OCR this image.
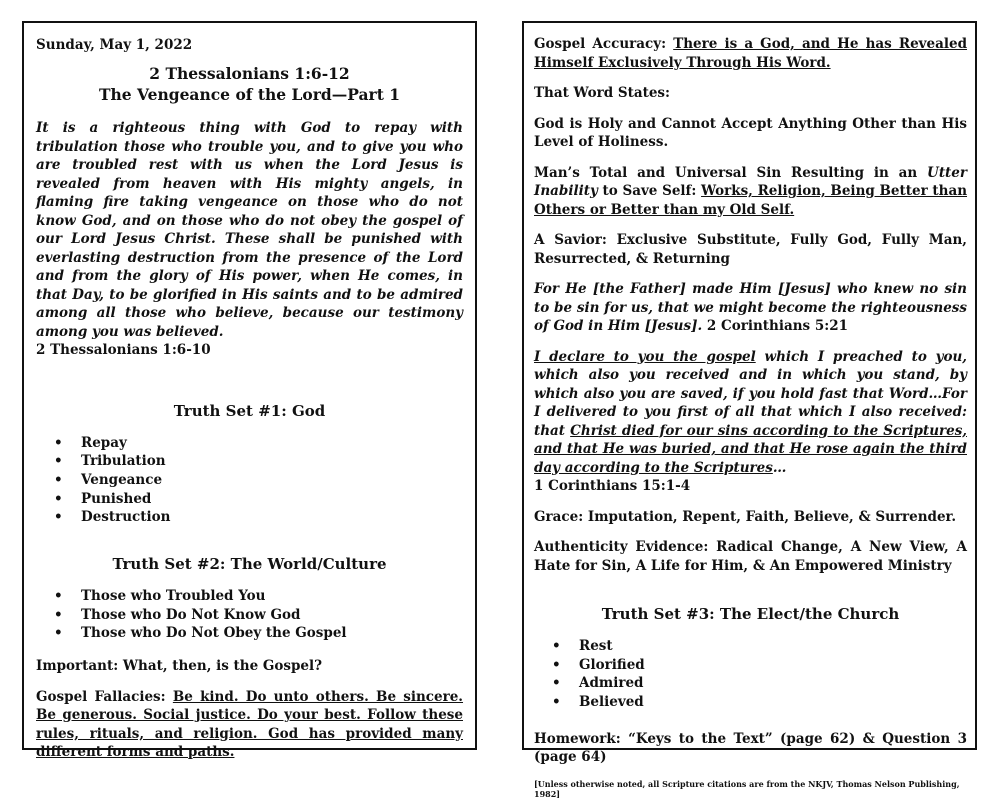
Sunday, May 1, 2022
2 Thessalonians 1:6-12
The Vengeance of the Lord—Part 1
It is a righteous thing with God to repay with tribulation those who trouble you, and to give you who are troubled rest with us when the Lord Jesus is revealed from heaven with His mighty angels, in flaming fire taking vengeance on those who do not know God, and on those who do not obey the gospel of our Lord Jesus Christ. These shall be punished with everlasting destruction from the presence of the Lord and from the glory of His power, when He comes, in that Day, to be glorified in His saints and to be admired among all those who believe, because our testimony among you was believed.
2 Thessalonians 1:6-10
Truth Set #1: God
• Repay
• Tribulation
• Vengeance
• Punished
• Destruction
Truth Set #2: The World/Culture
• Those who Troubled You
• Those who Do Not Know God
• Those who Do Not Obey the Gospel
Important: What, then, is the Gospel?
Gospel Fallacies: Be kind. Do unto others. Be sincere. Be generous. Social justice. Do your best. Follow these rules, rituals, and religion. God has provided many different forms and paths.
Gospel Accuracy: There is a God, and He has Revealed Himself Exclusively Through His Word.
That Word States:
God is Holy and Cannot Accept Anything Other than His Level of Holiness.
Man’s Total and Universal Sin Resulting in an Utter Inability to Save Self: Works, Religion, Being Better than Others or Better than my Old Self.
A Savior: Exclusive Substitute, Fully God, Fully Man, Resurrected, & Returning
For He [the Father] made Him [Jesus] who knew no sin to be sin for us, that we might become the righteousness of God in Him [Jesus]. 2 Corinthians 5:21
I declare to you the gospel which I preached to you, which also you received and in which you stand, by which also you are saved, if you hold fast that Word…For I delivered to you first of all that which I also received: that Christ died for our sins according to the Scriptures, and that He was buried, and that He rose again the third day according to the Scriptures…
1 Corinthians 15:1-4
Grace: Imputation, Repent, Faith, Believe, & Surrender.
Authenticity Evidence: Radical Change, A New View, A Hate for Sin, A Life for Him, & An Empowered Ministry
Truth Set #3: The Elect/the Church
• Rest
• Glorified
• Admired
• Believed
Homework: “Keys to the Text” (page 62) & Question 3 (page 64)
[Unless otherwise noted, all Scripture citations are from the NKJV, Thomas Nelson Publishing, 1982]
